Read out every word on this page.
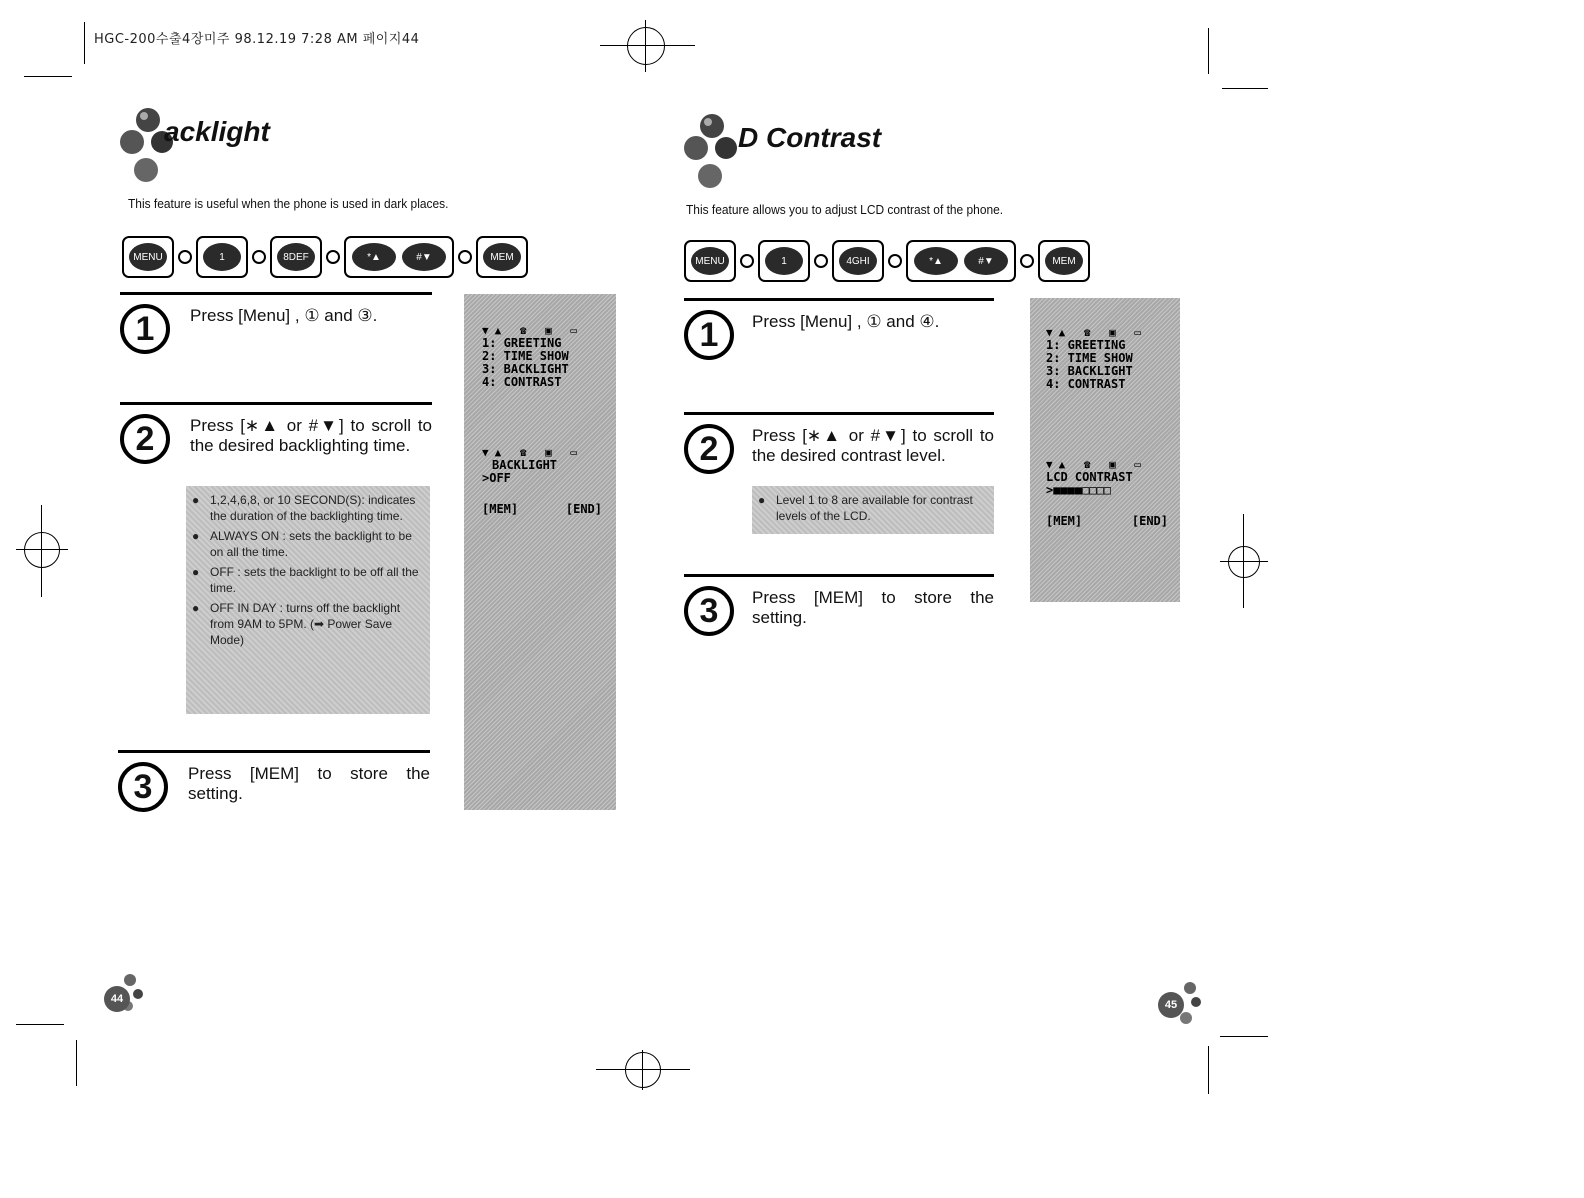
HGC-200수출4장미주 98.12.19 7:28 AM 페이지44
acklight
This feature is useful when the phone is used in dark places.
MENU	1	8DEF	*▲	#▼	MEM
1	Press [Menu] , ① and ③.
2	Press [∗▲ or #▼] to scroll to the desired backlighting time.
● 1,2,4,6,8, or 10 SECOND(S): indicates the duration of the backlighting time.
● ALWAYS ON : sets the backlight to be on all the time.
● OFF : sets the backlight to be off all the time.
● OFF IN DAY : turns off the backlight from 9AM to 5PM. (➡ Power Save Mode)
3	Press [MEM] to store the setting.
▼▲ ☎ ▣ ▭
1: GREETING
2: TIME SHOW
3: BACKLIGHT
4: CONTRAST
▼▲ ☎ ▣ ▭
BACKLIGHT
>OFF
[MEM]	[END]
44
D Contrast
This feature allows you to adjust LCD contrast of the phone.
MENU	1	4GHI	*▲	#▼	MEM
1	Press [Menu] , ① and ④.
2	Press [∗▲ or #▼] to scroll to the desired contrast level.
● Level 1 to 8 are available for contrast levels of the LCD.
3	Press [MEM] to store the setting.
▼▲ ☎ ▣ ▭
1: GREETING
2: TIME SHOW
3: BACKLIGHT
4: CONTRAST
▼▲ ☎ ▣ ▭
LCD CONTRAST
>■■■■□□□□
[MEM]	[END]
45
